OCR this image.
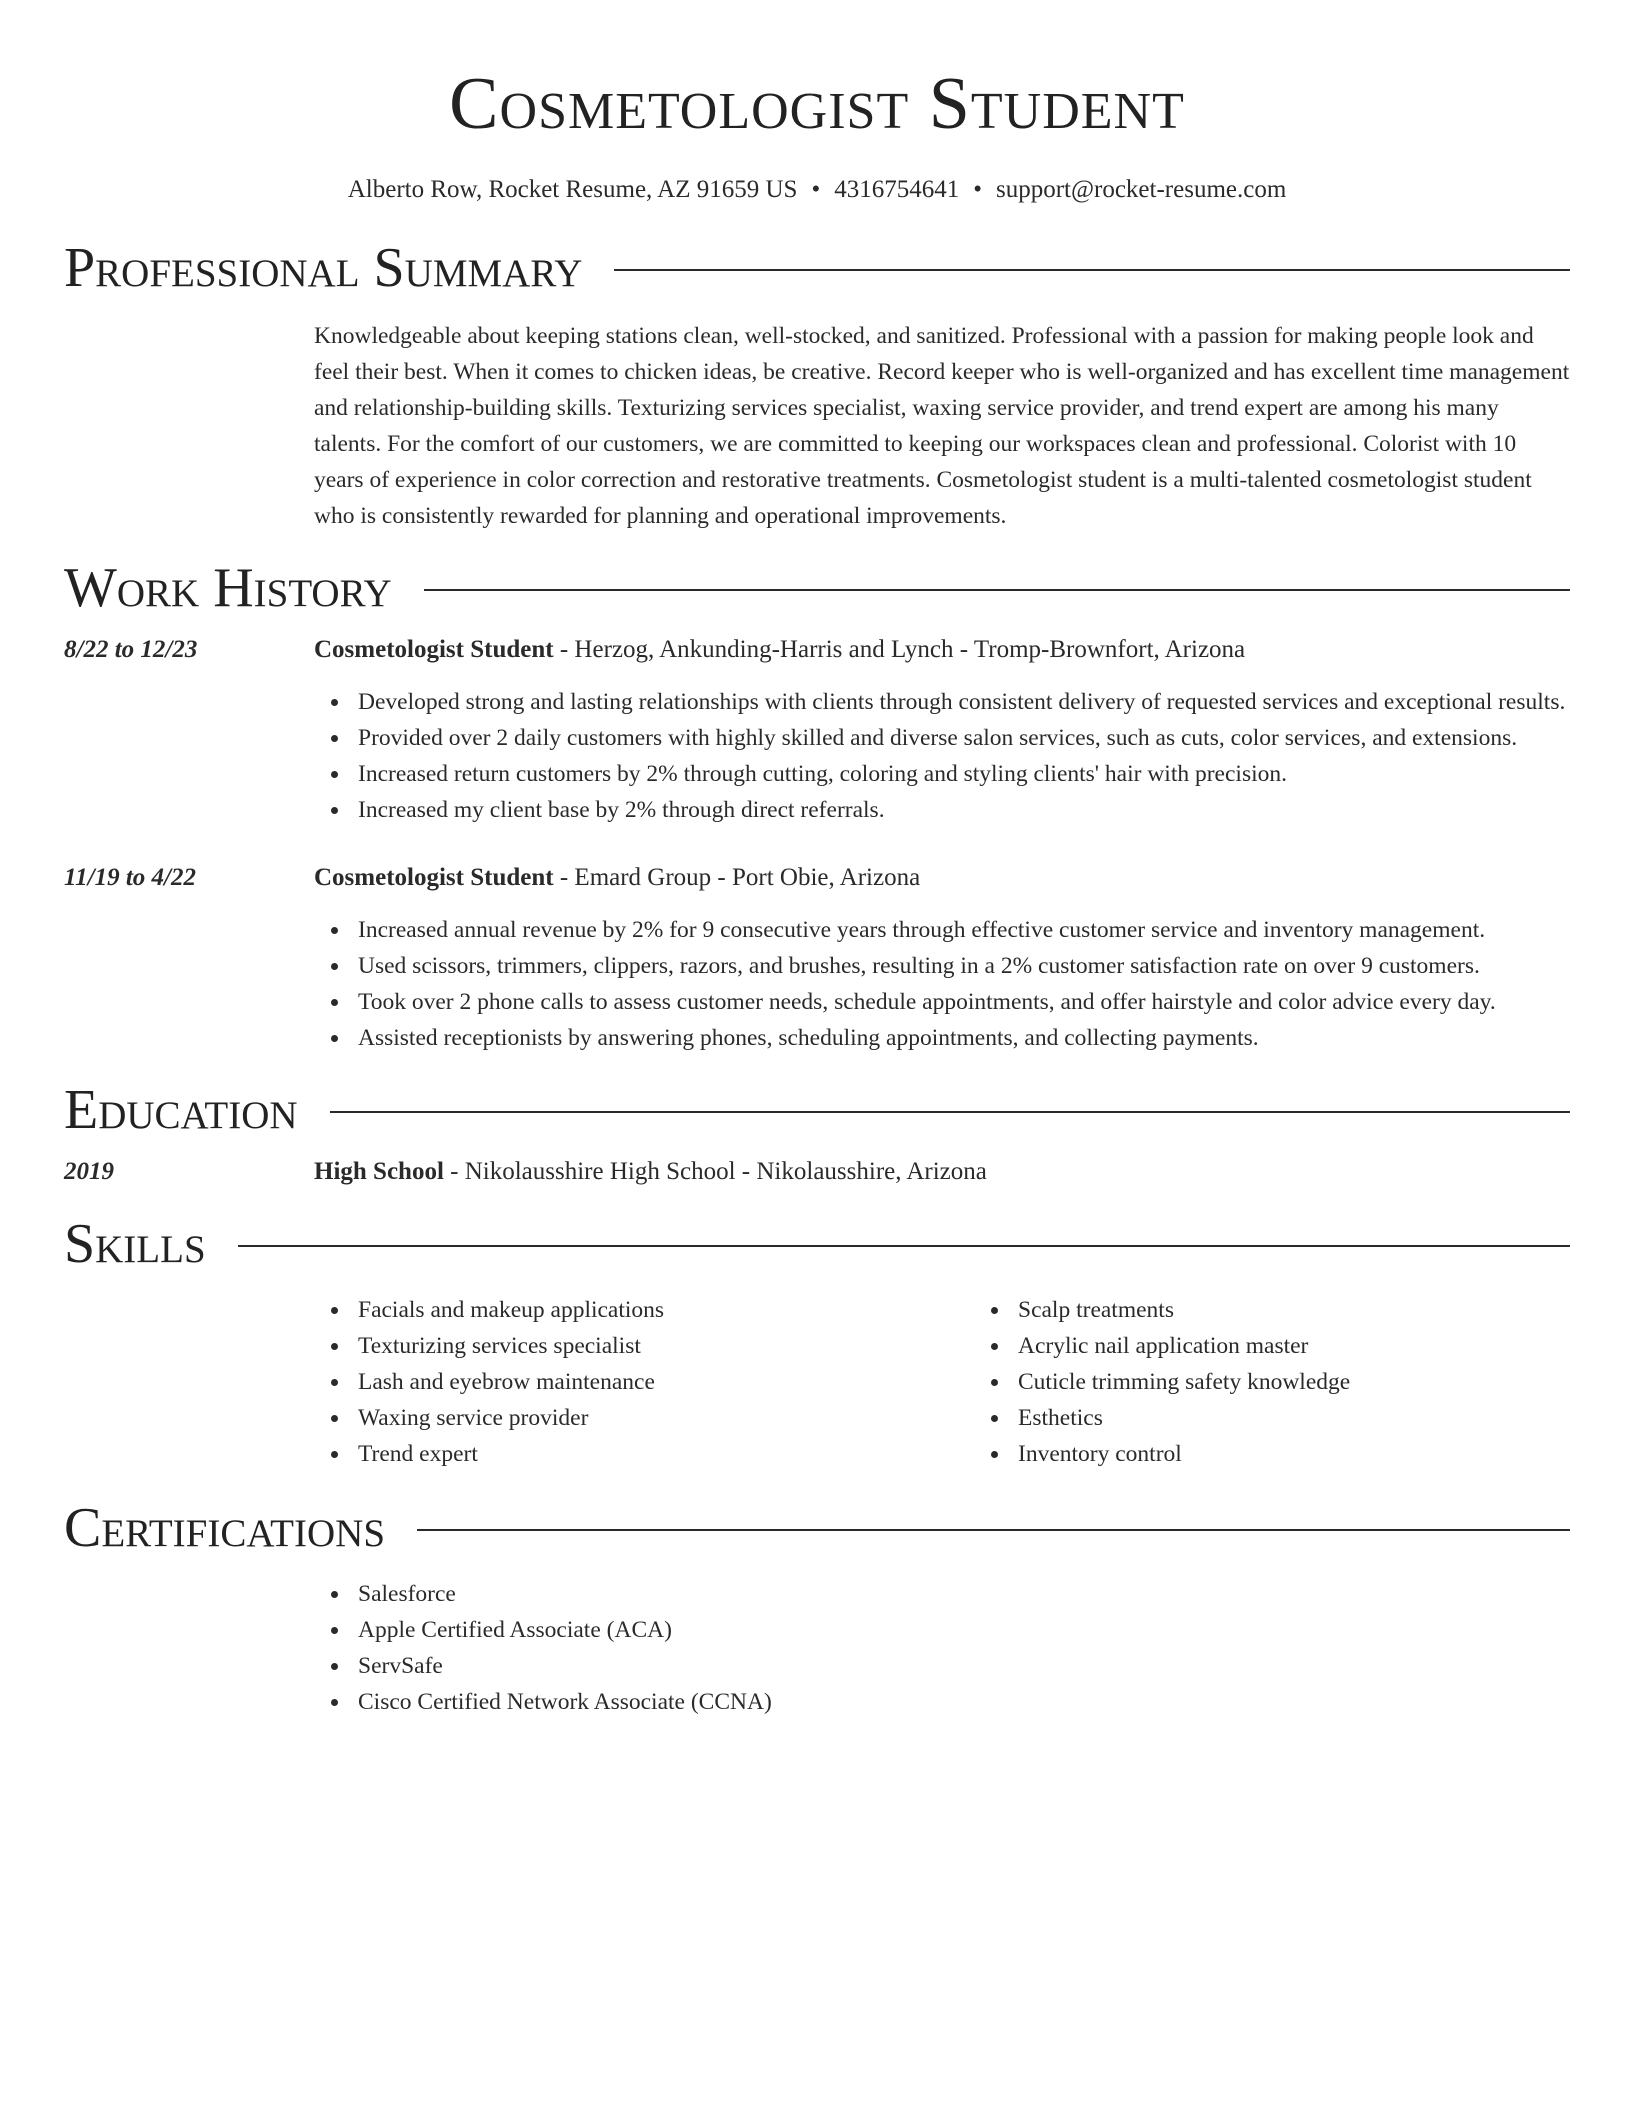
Cosmetologist Student
Alberto Row, Rocket Resume, AZ 91659 US • 4316754641 • support@rocket-resume.com
Professional Summary
Knowledgeable about keeping stations clean, well-stocked, and sanitized. Professional with a passion for making people look and feel their best. When it comes to chicken ideas, be creative. Record keeper who is well-organized and has excellent time management and relationship-building skills. Texturizing services specialist, waxing service provider, and trend expert are among his many talents. For the comfort of our customers, we are committed to keeping our workspaces clean and professional. Colorist with 10 years of experience in color correction and restorative treatments. Cosmetologist student is a multi-talented cosmetologist student who is consistently rewarded for planning and operational improvements.
Work History
8/22 to 12/23	Cosmetologist Student - Herzog, Ankunding-Harris and Lynch - Tromp-Brownfort, Arizona
Developed strong and lasting relationships with clients through consistent delivery of requested services and exceptional results.
Provided over 2 daily customers with highly skilled and diverse salon services, such as cuts, color services, and extensions.
Increased return customers by 2% through cutting, coloring and styling clients' hair with precision.
Increased my client base by 2% through direct referrals.
11/19 to 4/22	Cosmetologist Student - Emard Group - Port Obie, Arizona
Increased annual revenue by 2% for 9 consecutive years through effective customer service and inventory management.
Used scissors, trimmers, clippers, razors, and brushes, resulting in a 2% customer satisfaction rate on over 9 customers.
Took over 2 phone calls to assess customer needs, schedule appointments, and offer hairstyle and color advice every day.
Assisted receptionists by answering phones, scheduling appointments, and collecting payments.
Education
2019	High School - Nikolausshire High School - Nikolausshire, Arizona
Skills
Facials and makeup applications
Texturizing services specialist
Lash and eyebrow maintenance
Waxing service provider
Trend expert
Scalp treatments
Acrylic nail application master
Cuticle trimming safety knowledge
Esthetics
Inventory control
Certifications
Salesforce
Apple Certified Associate (ACA)
ServSafe
Cisco Certified Network Associate (CCNA)
